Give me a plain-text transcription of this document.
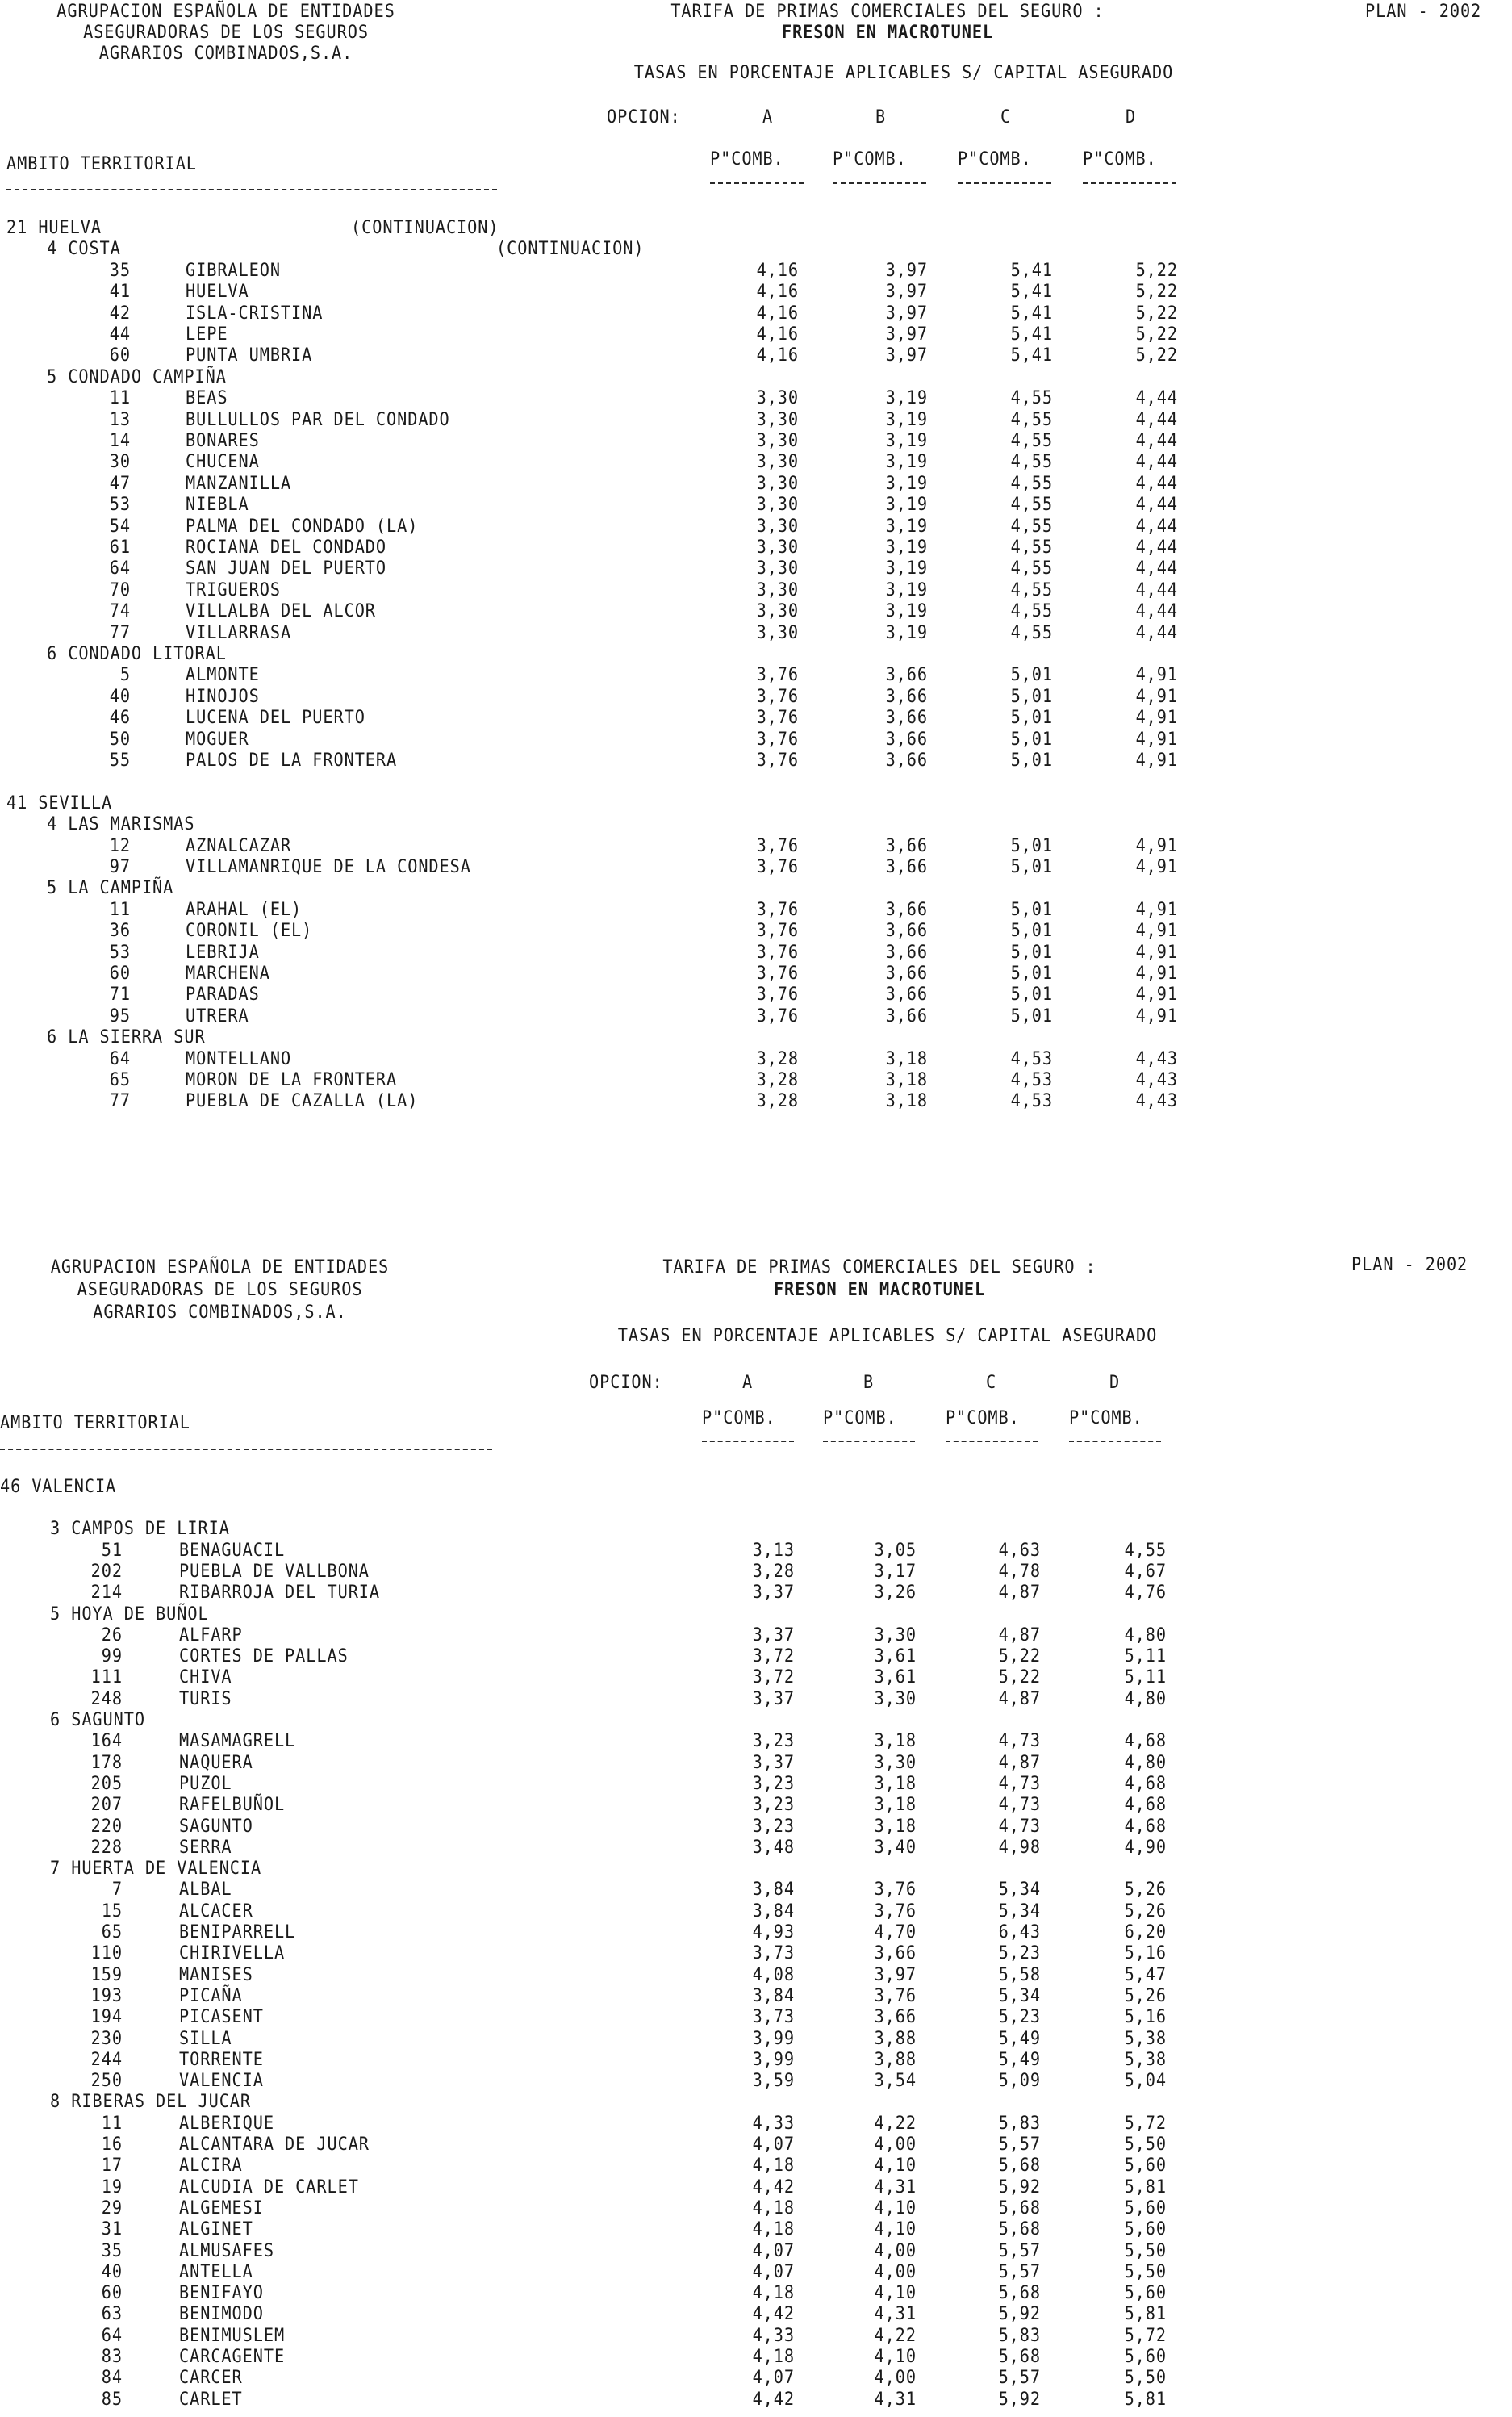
AGRUPACION ESPAÑOLA DE ENTIDADES
ASEGURADORAS DE LOS SEGUROS
AGRARIOS COMBINADOS,S.A.
TARIFA DE PRIMAS COMERCIALES DEL SEGURO :
FRESON EN MACROTUNEL
PLAN - 2002
TASAS EN PORCENTAJE APLICABLES S/ CAPITAL ASEGURADO
OPCION:	A	B	C	D
AMBITO TERRITORIAL	P"COMB.	P"COMB.	P"COMB.	P"COMB.
21 HUELVA	(CONTINUACION)
4 COSTA	(CONTINUACION)
35	GIBRALEON	4,16	3,97	5,41	5,22
41	HUELVA	4,16	3,97	5,41	5,22
42	ISLA-CRISTINA	4,16	3,97	5,41	5,22
44	LEPE	4,16	3,97	5,41	5,22
60	PUNTA UMBRIA	4,16	3,97	5,41	5,22
5 CONDADO CAMPIÑA
11	BEAS	3,30	3,19	4,55	4,44
13	BULLULLOS PAR DEL CONDADO	3,30	3,19	4,55	4,44
14	BONARES	3,30	3,19	4,55	4,44
30	CHUCENA	3,30	3,19	4,55	4,44
47	MANZANILLA	3,30	3,19	4,55	4,44
53	NIEBLA	3,30	3,19	4,55	4,44
54	PALMA DEL CONDADO (LA)	3,30	3,19	4,55	4,44
61	ROCIANA DEL CONDADO	3,30	3,19	4,55	4,44
64	SAN JUAN DEL PUERTO	3,30	3,19	4,55	4,44
70	TRIGUEROS	3,30	3,19	4,55	4,44
74	VILLALBA DEL ALCOR	3,30	3,19	4,55	4,44
77	VILLARRASA	3,30	3,19	4,55	4,44
6 CONDADO LITORAL
5	ALMONTE	3,76	3,66	5,01	4,91
40	HINOJOS	3,76	3,66	5,01	4,91
46	LUCENA DEL PUERTO	3,76	3,66	5,01	4,91
50	MOGUER	3,76	3,66	5,01	4,91
55	PALOS DE LA FRONTERA	3,76	3,66	5,01	4,91
41 SEVILLA
4 LAS MARISMAS
12	AZNALCAZAR	3,76	3,66	5,01	4,91
97	VILLAMANRIQUE DE LA CONDESA	3,76	3,66	5,01	4,91
5 LA CAMPIÑA
11	ARAHAL (EL)	3,76	3,66	5,01	4,91
36	CORONIL (EL)	3,76	3,66	5,01	4,91
53	LEBRIJA	3,76	3,66	5,01	4,91
60	MARCHENA	3,76	3,66	5,01	4,91
71	PARADAS	3,76	3,66	5,01	4,91
95	UTRERA	3,76	3,66	5,01	4,91
6 LA SIERRA SUR
64	MONTELLANO	3,28	3,18	4,53	4,43
65	MORON DE LA FRONTERA	3,28	3,18	4,53	4,43
77	PUEBLA DE CAZALLA (LA)	3,28	3,18	4,53	4,43
AGRUPACION ESPAÑOLA DE ENTIDADES
ASEGURADORAS DE LOS SEGUROS
AGRARIOS COMBINADOS,S.A.
TARIFA DE PRIMAS COMERCIALES DEL SEGURO :
FRESON EN MACROTUNEL
PLAN - 2002
TASAS EN PORCENTAJE APLICABLES S/ CAPITAL ASEGURADO
OPCION:	A	B	C	D
AMBITO TERRITORIAL	P"COMB.	P"COMB.	P"COMB.	P"COMB.
46 VALENCIA
3 CAMPOS DE LIRIA
51	BENAGUACIL	3,13	3,05	4,63	4,55
202	PUEBLA DE VALLBONA	3,28	3,17	4,78	4,67
214	RIBARROJA DEL TURIA	3,37	3,26	4,87	4,76
5 HOYA DE BUÑOL
26	ALFARP	3,37	3,30	4,87	4,80
99	CORTES DE PALLAS	3,72	3,61	5,22	5,11
111	CHIVA	3,72	3,61	5,22	5,11
248	TURIS	3,37	3,30	4,87	4,80
6 SAGUNTO
164	MASAMAGRELL	3,23	3,18	4,73	4,68
178	NAQUERA	3,37	3,30	4,87	4,80
205	PUZOL	3,23	3,18	4,73	4,68
207	RAFELBUÑOL	3,23	3,18	4,73	4,68
220	SAGUNTO	3,23	3,18	4,73	4,68
228	SERRA	3,48	3,40	4,98	4,90
7 HUERTA DE VALENCIA
7	ALBAL	3,84	3,76	5,34	5,26
15	ALCACER	3,84	3,76	5,34	5,26
65	BENIPARRELL	4,93	4,70	6,43	6,20
110	CHIRIVELLA	3,73	3,66	5,23	5,16
159	MANISES	4,08	3,97	5,58	5,47
193	PICAÑA	3,84	3,76	5,34	5,26
194	PICASENT	3,73	3,66	5,23	5,16
230	SILLA	3,99	3,88	5,49	5,38
244	TORRENTE	3,99	3,88	5,49	5,38
250	VALENCIA	3,59	3,54	5,09	5,04
8 RIBERAS DEL JUCAR
11	ALBERIQUE	4,33	4,22	5,83	5,72
16	ALCANTARA DE JUCAR	4,07	4,00	5,57	5,50
17	ALCIRA	4,18	4,10	5,68	5,60
19	ALCUDIA DE CARLET	4,42	4,31	5,92	5,81
29	ALGEMESI	4,18	4,10	5,68	5,60
31	ALGINET	4,18	4,10	5,68	5,60
35	ALMUSAFES	4,07	4,00	5,57	5,50
40	ANTELLA	4,07	4,00	5,57	5,50
60	BENIFAYO	4,18	4,10	5,68	5,60
63	BENIMODO	4,42	4,31	5,92	5,81
64	BENIMUSLEM	4,33	4,22	5,83	5,72
83	CARCAGENTE	4,18	4,10	5,68	5,60
84	CARCER	4,07	4,00	5,57	5,50
85	CARLET	4,42	4,31	5,92	5,81
